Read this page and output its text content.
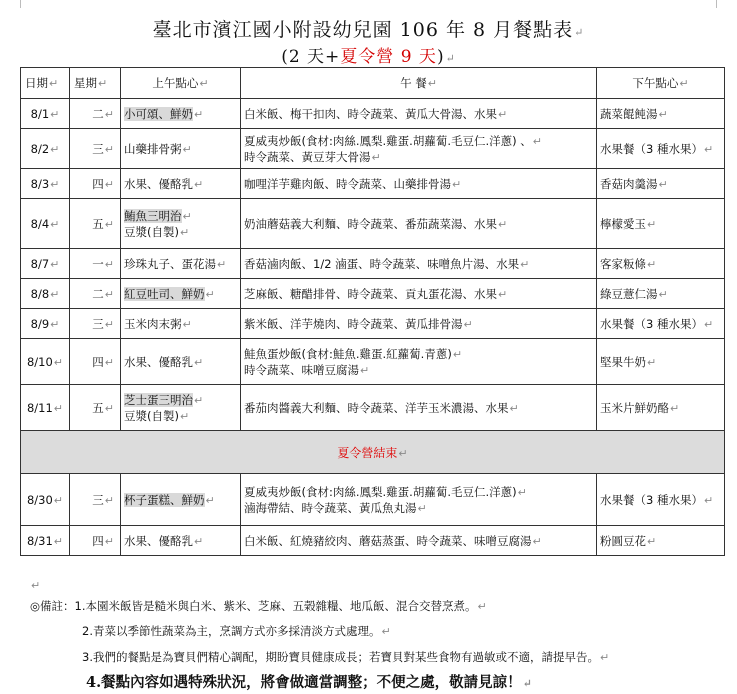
臺北市濱江國小附設幼兒園 106 年 8 月餐點表↵
(2 天+夏令營 9 天)↵
日期↵	星期↵	上午點心↵	午 餐↵	下午點心↵

8/1↵	二↵	小可頌、鮮奶↵	白米飯、梅干扣肉、時令蔬菜、黃瓜大骨湯、水果↵	蔬菜餛飩湯↵

8/2↵	三↵	山藥排骨粥↵	夏威夷炒飯(食材:肉絲.鳳梨.雞蛋.胡蘿蔔.毛豆仁.洋蔥) 、↵
時令蔬菜、黃豆芽大骨湯↵	水果餐（3 種水果）↵

8/3↵	四↵	水果、優酪乳↵	咖哩洋芋雞肉飯、時令蔬菜、山藥排骨湯↵	香菇肉羹湯↵

8/4↵	五↵	鮪魚三明治↵
豆漿(自製)↵	奶油蘑菇義大利麵、時令蔬菜、番茄蔬菜湯、水果↵	檸檬愛玉↵

8/7↵	一↵	珍珠丸子、蛋花湯↵	香菇滷肉飯、1/2 滷蛋、時令蔬菜、味噌魚片湯、水果↵	客家粄條↵

8/8↵	二↵	紅豆吐司、鮮奶↵	芝麻飯、糖醋排骨、時令蔬菜、貢丸蛋花湯、水果↵	綠豆薏仁湯↵

8/9↵	三↵	玉米肉末粥↵	紫米飯、洋芋燒肉、時令蔬菜、黃瓜排骨湯↵	水果餐（3 種水果）↵

8/10↵	四↵	水果、優酪乳↵	鮭魚蛋炒飯(食材:鮭魚.雞蛋.紅蘿蔔.青蔥)↵
時令蔬菜、味噌豆腐湯↵	堅果牛奶↵

8/11↵	五↵	芝士蛋三明治↵
豆漿(自製)↵	番茄肉醬義大利麵、時令蔬菜、洋芋玉米濃湯、水果↵	玉米片鮮奶酪↵

夏令營結束↵				

8/30↵	三↵	杯子蛋糕、鮮奶↵	夏威夷炒飯(食材:肉絲.鳳梨.雞蛋.胡蘿蔔.毛豆仁.洋蔥)↵
滷海帶結、時令蔬菜、黃瓜魚丸湯↵	水果餐（3 種水果）↵

8/31↵	四↵	水果、優酪乳↵	白米飯、紅燒豬絞肉、蘑菇蒸蛋、時令蔬菜、味噌豆腐湯↵	粉圓豆花↵
↵
◎備註：1.本園米飯皆是糙米與白米、紫米、芝麻、五榖雜糧、地瓜飯、混合交替烹煮。↵
2.青菜以季節性蔬菜為主，烹調方式亦多採清淡方式處理。↵
3.我們的餐點是為寶貝們精心調配，期盼寶貝健康成長；若寶貝對某些食物有過敏或不適，請提早告。↵
4.餐點內容如遇特殊狀況，將會做適當調整；不便之處，敬請見諒！↵
